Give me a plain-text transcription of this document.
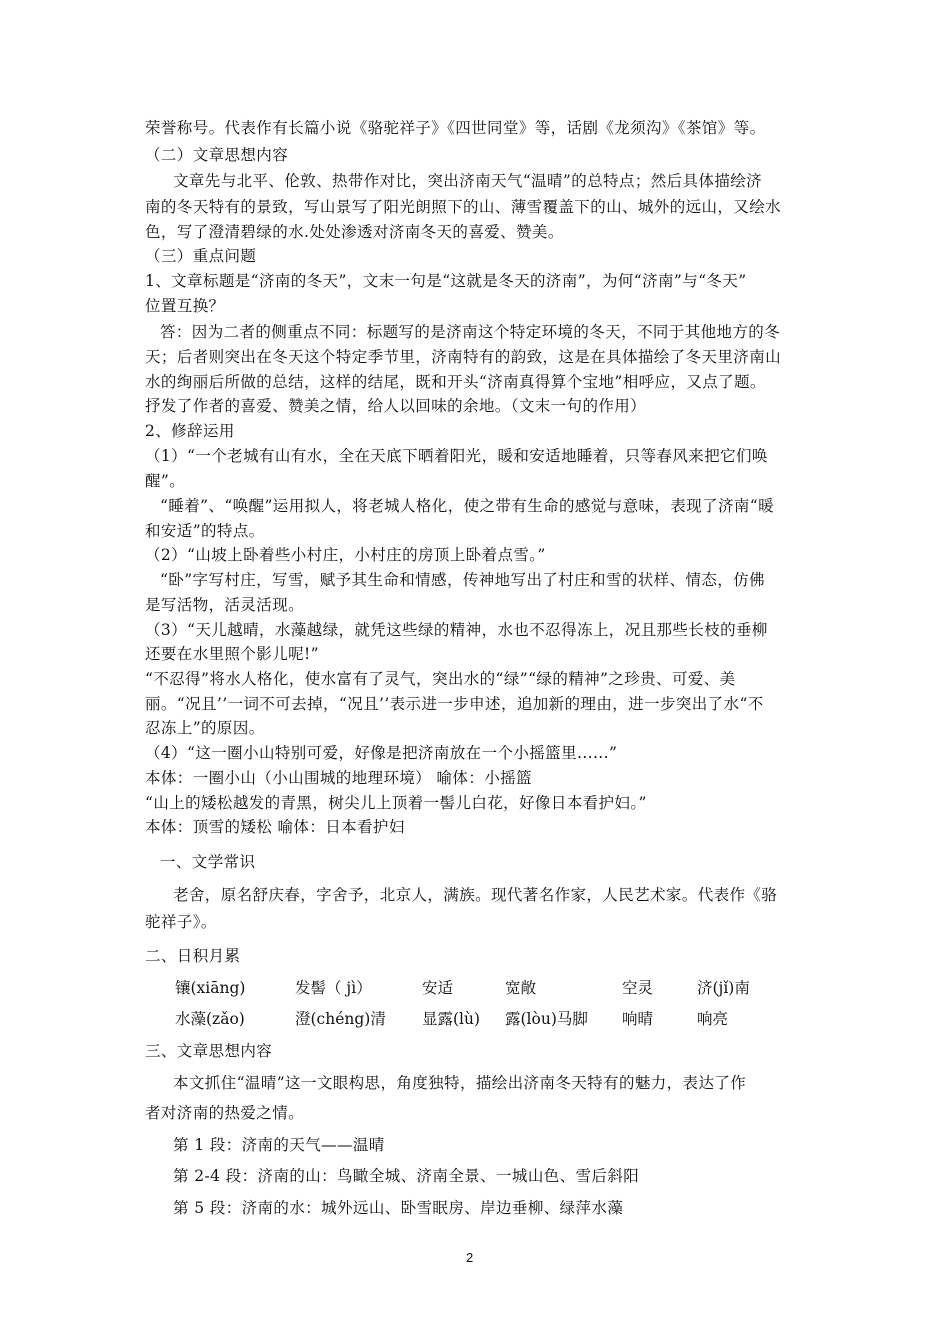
荣誉称号。代表作有长篇小说《骆驼祥子》《四世同堂》等，话剧《龙须沟》《茶馆》等。
（二）文章思想内容
文章先与北平、伦敦、热带作对比，突出济南天气“温晴”的总特点；然后具体描绘济
南的冬天特有的景致，写山景写了阳光朗照下的山、薄雪覆盖下的山、城外的远山，又绘水
色，写了澄清碧绿的水.处处渗透对济南冬天的喜爱、赞美。
（三）重点问题
1、文章标题是“济南的冬天”，文末一句是“这就是冬天的济南”，为何“济南”与“冬天”
位置互换？
答：因为二者的侧重点不同：标题写的是济南这个特定环境的冬天，不同于其他地方的冬
天；后者则突出在冬天这个特定季节里，济南特有的韵致，这是在具体描绘了冬天里济南山
水的绚丽后所做的总结，这样的结尾，既和开头“济南真得算个宝地”相呼应，又点了题。
抒发了作者的喜爱、赞美之情，给人以回味的余地。（文末一句的作用）
2、修辞运用
（1）“一个老城有山有水，全在天底下晒着阳光，暖和安适地睡着，只等春风来把它们唤
醒”。
“睡着”、“唤醒”运用拟人，将老城人格化，使之带有生命的感觉与意味，表现了济南“暖
和安适”的特点。
（2）“山坡上卧着些小村庄，小村庄的房顶上卧着点雪。”
“卧”字写村庄，写雪，赋予其生命和情感，传神地写出了村庄和雪的状样、情态，仿佛
是写活物，活灵活现。
（3）“天儿越晴，水藻越绿，就凭这些绿的精神，水也不忍得冻上，况且那些长枝的垂柳
还要在水里照个影儿呢!”
“不忍得”将水人格化，使水富有了灵气，突出水的“绿”“绿的精神”之珍贵、可爱、美
丽。“况且’’一词不可去掉，“况且’’表示进一步申述，追加新的理由，进一步突出了水“不
忍冻上”的原因。
（4）“这一圈小山特别可爱，好像是把济南放在一个小摇篮里......”
本体：一圈小山（小山围城的地理环境） 喻体：小摇篮
“山上的矮松越发的青黑，树尖儿上顶着一髻儿白花，好像日本看护妇。”
本体：顶雪的矮松 喻体：日本看护妇
一、文学常识
老舍，原名舒庆春，字舍予，北京人，满族。现代著名作家，人民艺术家。代表作《骆
驼祥子》。
二、日积月累
镶(xiāng)	发髻（ jì）	安适	宽敞	空灵	济(jǐ)南
水藻(zǎo)	澄(chéng)清 显露(lù) 露(lòu)马脚 响晴	响亮
三、文章思想内容
本文抓住“温晴”这一文眼构思，角度独特，描绘出济南冬天特有的魅力，表达了作
者对济南的热爱之情。
第 1 段：济南的天气——温晴
第 2-4 段：济南的山：鸟瞰全城、济南全景、一城山色、雪后斜阳
第 5 段：济南的水：城外远山、卧雪眠房、岸边垂柳、绿萍水藻
2
